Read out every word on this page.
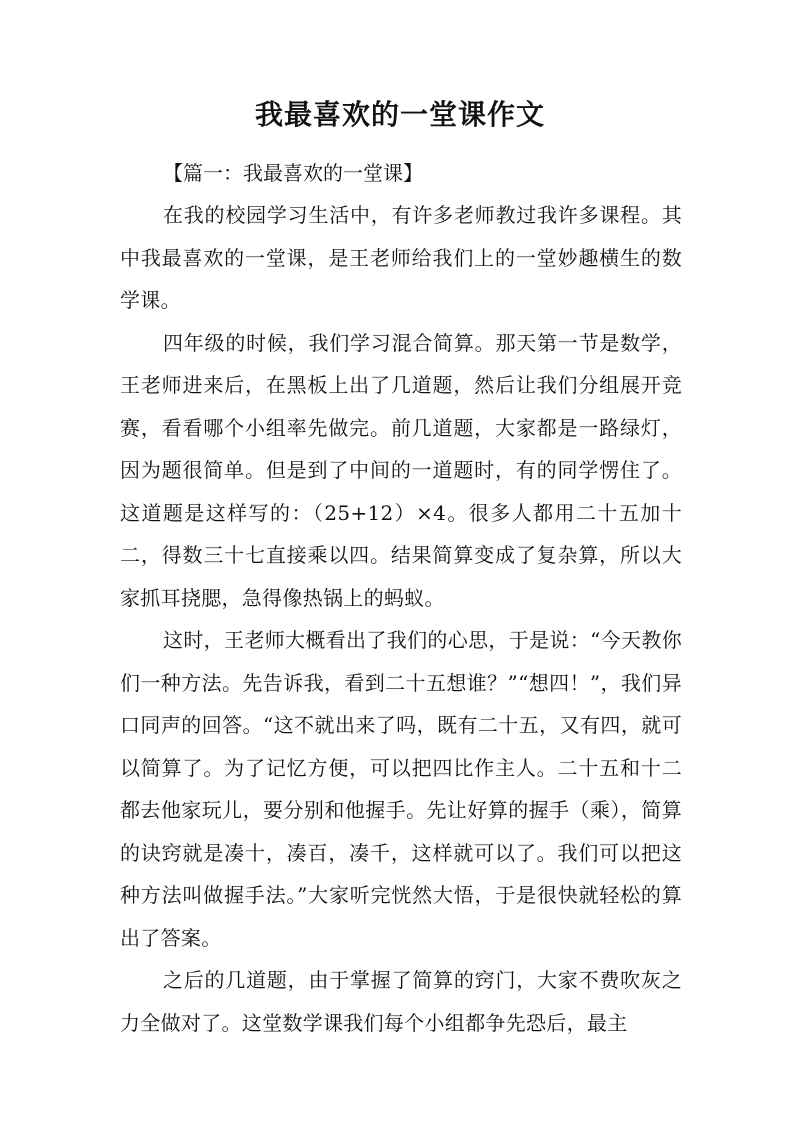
我最喜欢的一堂课作文

【篇一：我最喜欢的一堂课】

在我的校园学习生活中，有许多老师教过我许多课程。其中我最喜欢的一堂课，是王老师给我们上的一堂妙趣横生的数学课。

四年级的时候，我们学习混合简算。那天第一节是数学，王老师进来后，在黑板上出了几道题，然后让我们分组展开竞赛，看看哪个小组率先做完。前几道题，大家都是一路绿灯，因为题很简单。但是到了中间的一道题时，有的同学愣住了。这道题是这样写的：（25+12）×4。很多人都用二十五加十二，得数三十七直接乘以四。结果简算变成了复杂算，所以大家抓耳挠腮，急得像热锅上的蚂蚁。

这时，王老师大概看出了我们的心思，于是说：“今天教你们一种方法。先告诉我，看到二十五想谁？”“想四！”，我们异口同声的回答。“这不就出来了吗，既有二十五，又有四，就可以简算了。为了记忆方便，可以把四比作主人。二十五和十二都去他家玩儿，要分别和他握手。先让好算的握手（乘），简算的诀窍就是凑十，凑百，凑千，这样就可以了。我们可以把这种方法叫做握手法。”大家听完恍然大悟，于是很快就轻松的算出了答案。

之后的几道题，由于掌握了简算的窍门，大家不费吹灰之力全做对了。这堂数学课我们每个小组都争先恐后，最主
